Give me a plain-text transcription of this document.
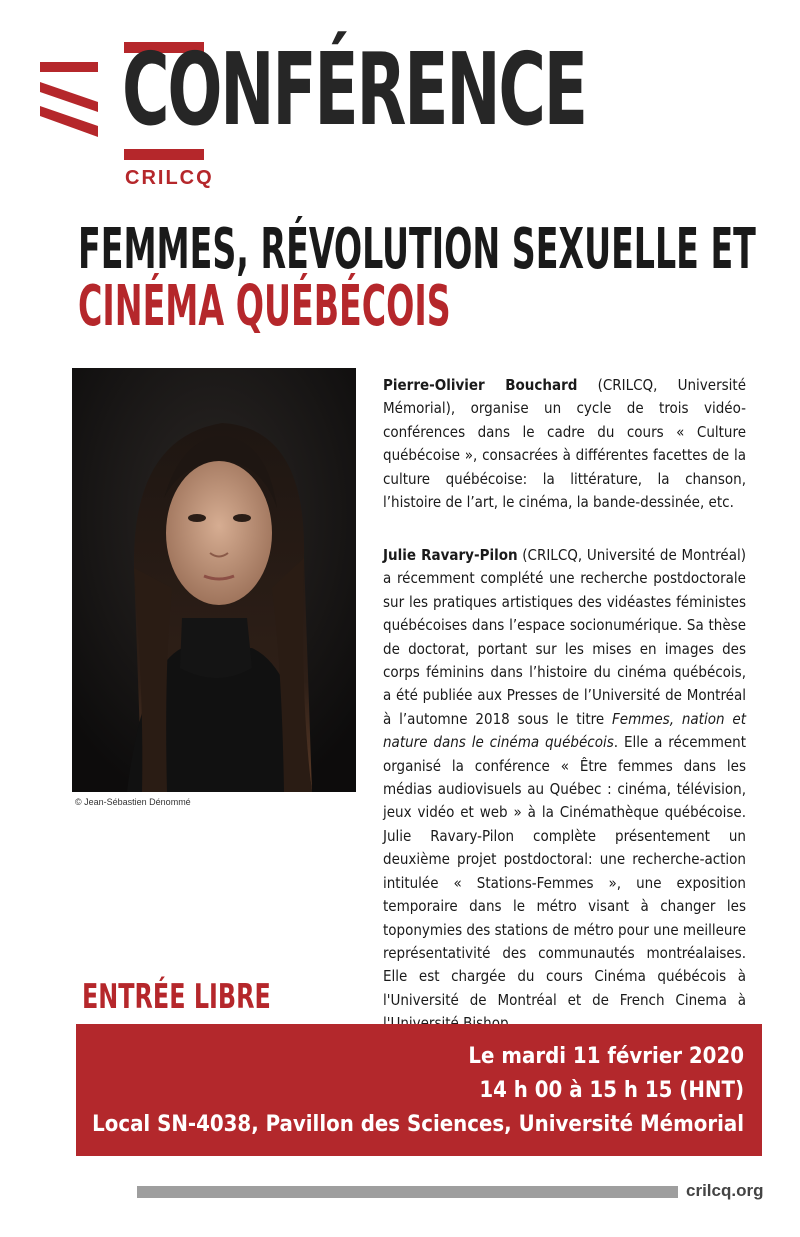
CONFÉRENCE
CRILCQ
FEMMES, RÉVOLUTION SEXUELLE ET
CINÉMA QUÉBÉCOIS
© Jean-Sébastien Dénommé
Pierre-Olivier Bouchard (CRILCQ, Université Mémorial), organise un cycle de trois vidéo-conférences dans le cadre du cours « Culture québécoise », consacrées à différentes facettes de la culture québécoise: la littérature, la chanson, l’histoire de l’art, le cinéma, la bande-dessinée, etc.
Julie Ravary-Pilon (CRILCQ, Université de Montréal) a récemment complété une recherche postdoctorale sur les pratiques artistiques des vidéastes féministes québécoises dans l’espace socionumérique. Sa thèse de doctorat, portant sur les mises en images des corps féminins dans l’histoire du cinéma québécois, a été publiée aux Presses de l’Université de Montréal à l’automne 2018 sous le titre Femmes, nation et nature dans le cinéma québécois. Elle a récemment organisé la conférence « Être femmes dans les médias audiovisuels au Québec : cinéma, télévision, jeux vidéo et web » à la Cinémathèque québécoise. Julie Ravary-Pilon complète présentement un deuxième projet postdoctoral: une recherche-action intitulée « Stations-Femmes », une exposition temporaire dans le métro visant à changer les toponymies des stations de métro pour une meilleure représentativité des communautés montréalaises. Elle est chargée du cours Cinéma québécois à l'Université de Montréal et de French Cinema à
ENTRÉE LIBRE
Le mardi 11 février 2020
14 h 00 à 15 h 15 (HNT)
Local SN-4038, Pavillon des Sciences, Université Mémorial
crilcq.org
